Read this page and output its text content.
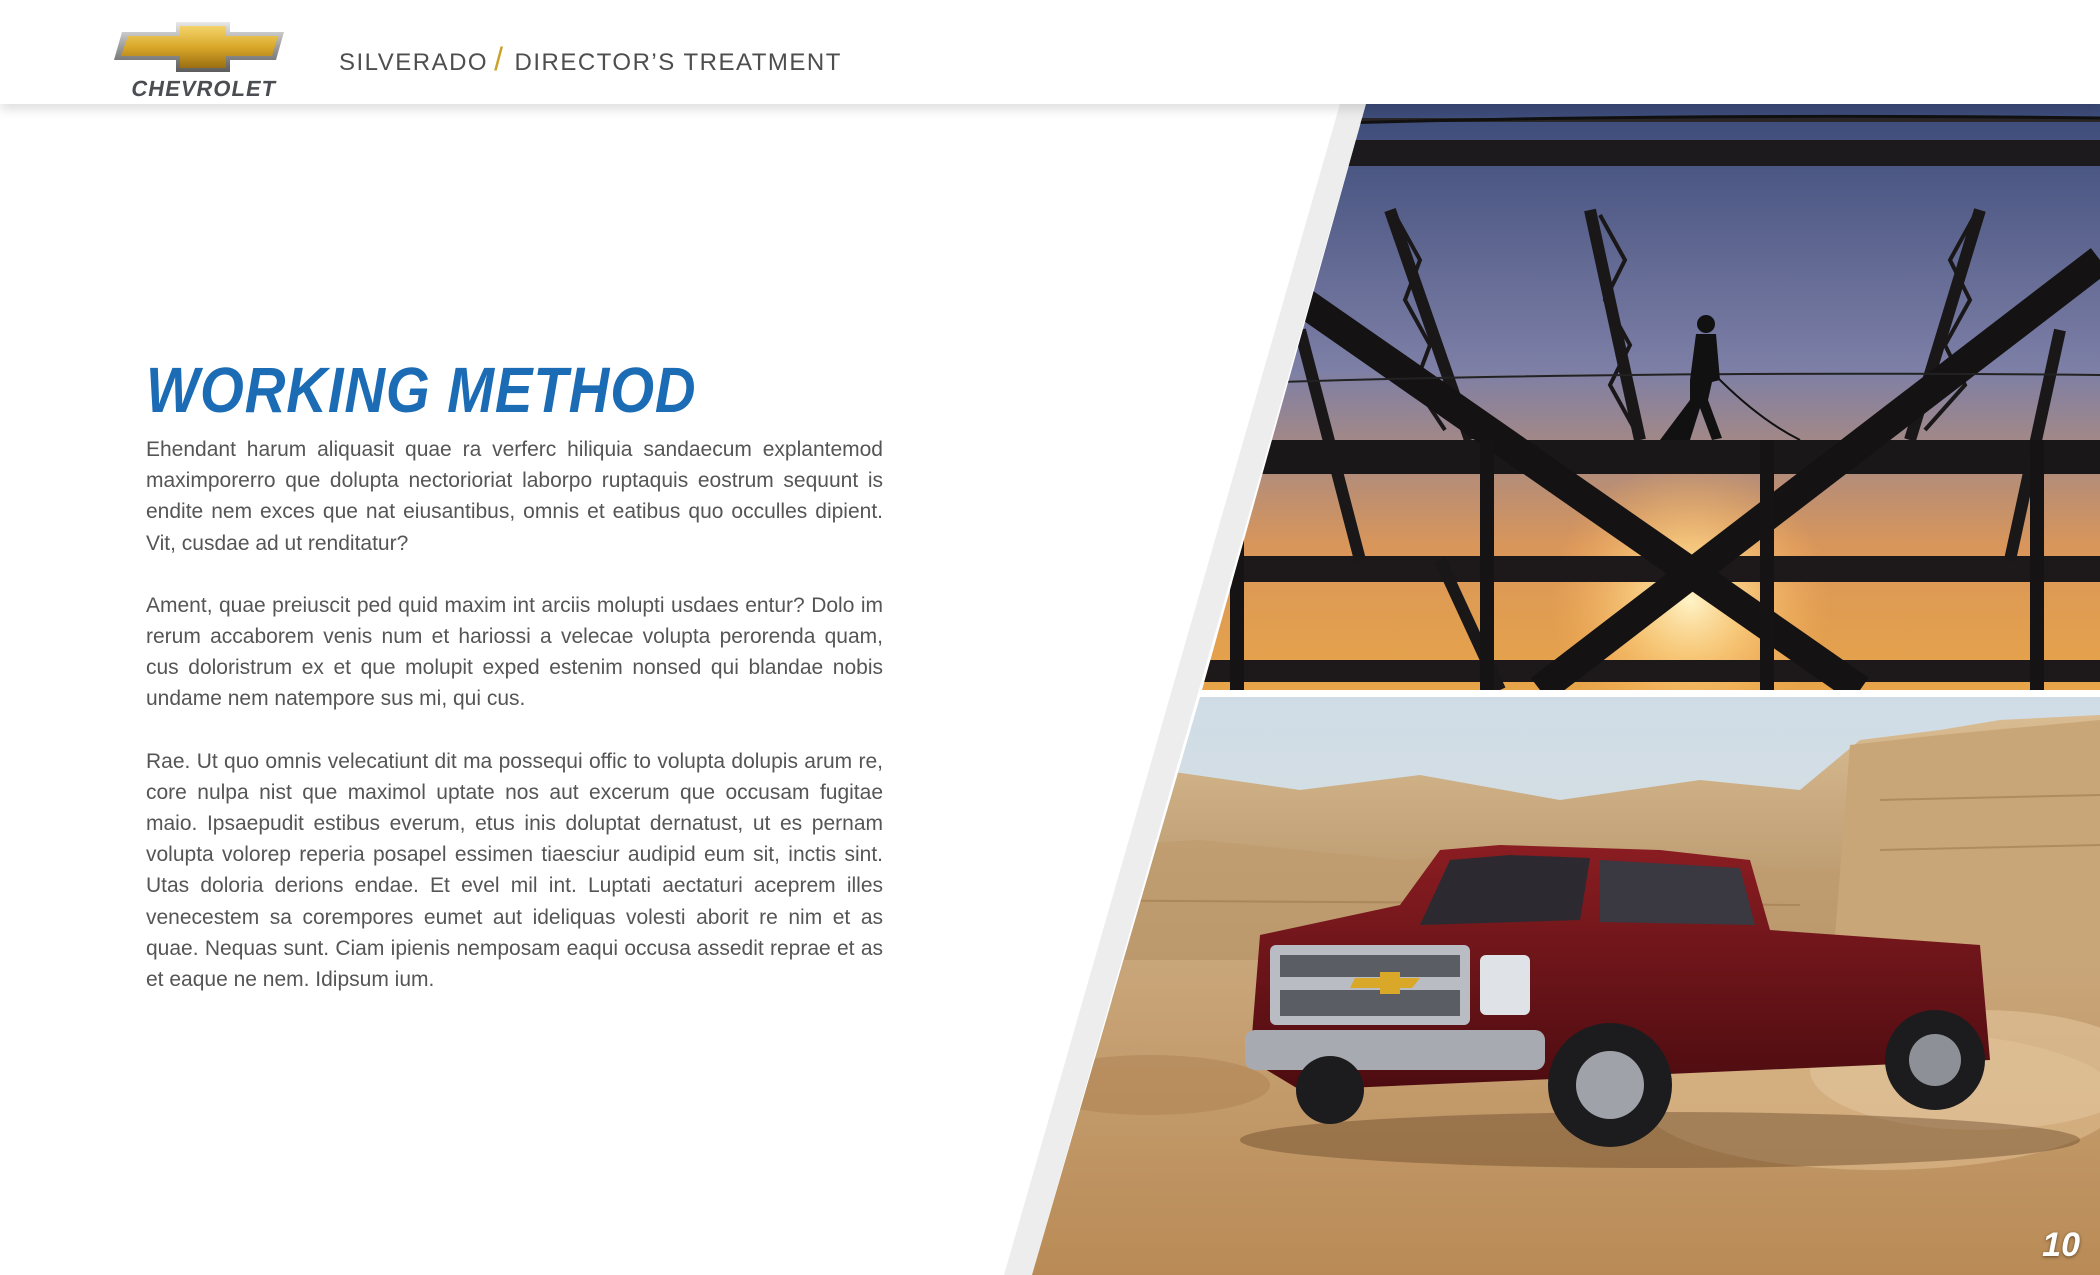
CHEVROLET
SILVERADO / DIRECTOR’S TREATMENT
WORKING METHOD

Ehendant harum aliquasit quae ra verferc hiliquia sandaecum explantemod maximporerro que dolupta nectorioriat laborpo ruptaquis eostrum sequunt is endite nem exces que nat eiusantibus, omnis et eatibus quo occulles dipient. Vit, cusdae ad ut renditatur?

Ament, quae preiuscit ped quid maxim int arciis molupti usdaes entur? Dolo im rerum accaborem venis num et hariossi a velecae volupta perorenda quam, cus doloristrum ex et que molupit exped estenim nonsed qui blandae nobis undame nem natempore sus mi, qui cus.

Rae. Ut quo omnis velecatiunt dit ma possequi offic to volupta dolupis arum re, core nulpa nist que maximol uptate nos aut excerum que occusam fugitae maio. Ipsaepudit estibus everum, etus inis doluptat dernatust, ut es pernam volupta volorep reperia posapel essimen tiaesciur audipid eum sit, inctis sint. Utas doloria derions endae. Et evel mil int. Luptati aectaturi aceprem illes venecestem sa corempores eumet aut ideliquas volesti aborit re nim et as quae. Nequas sunt. Ciam ipienis nemposam eaqui occusa assedit reprae et as et eaque ne nem. Idipsum ium.

10
